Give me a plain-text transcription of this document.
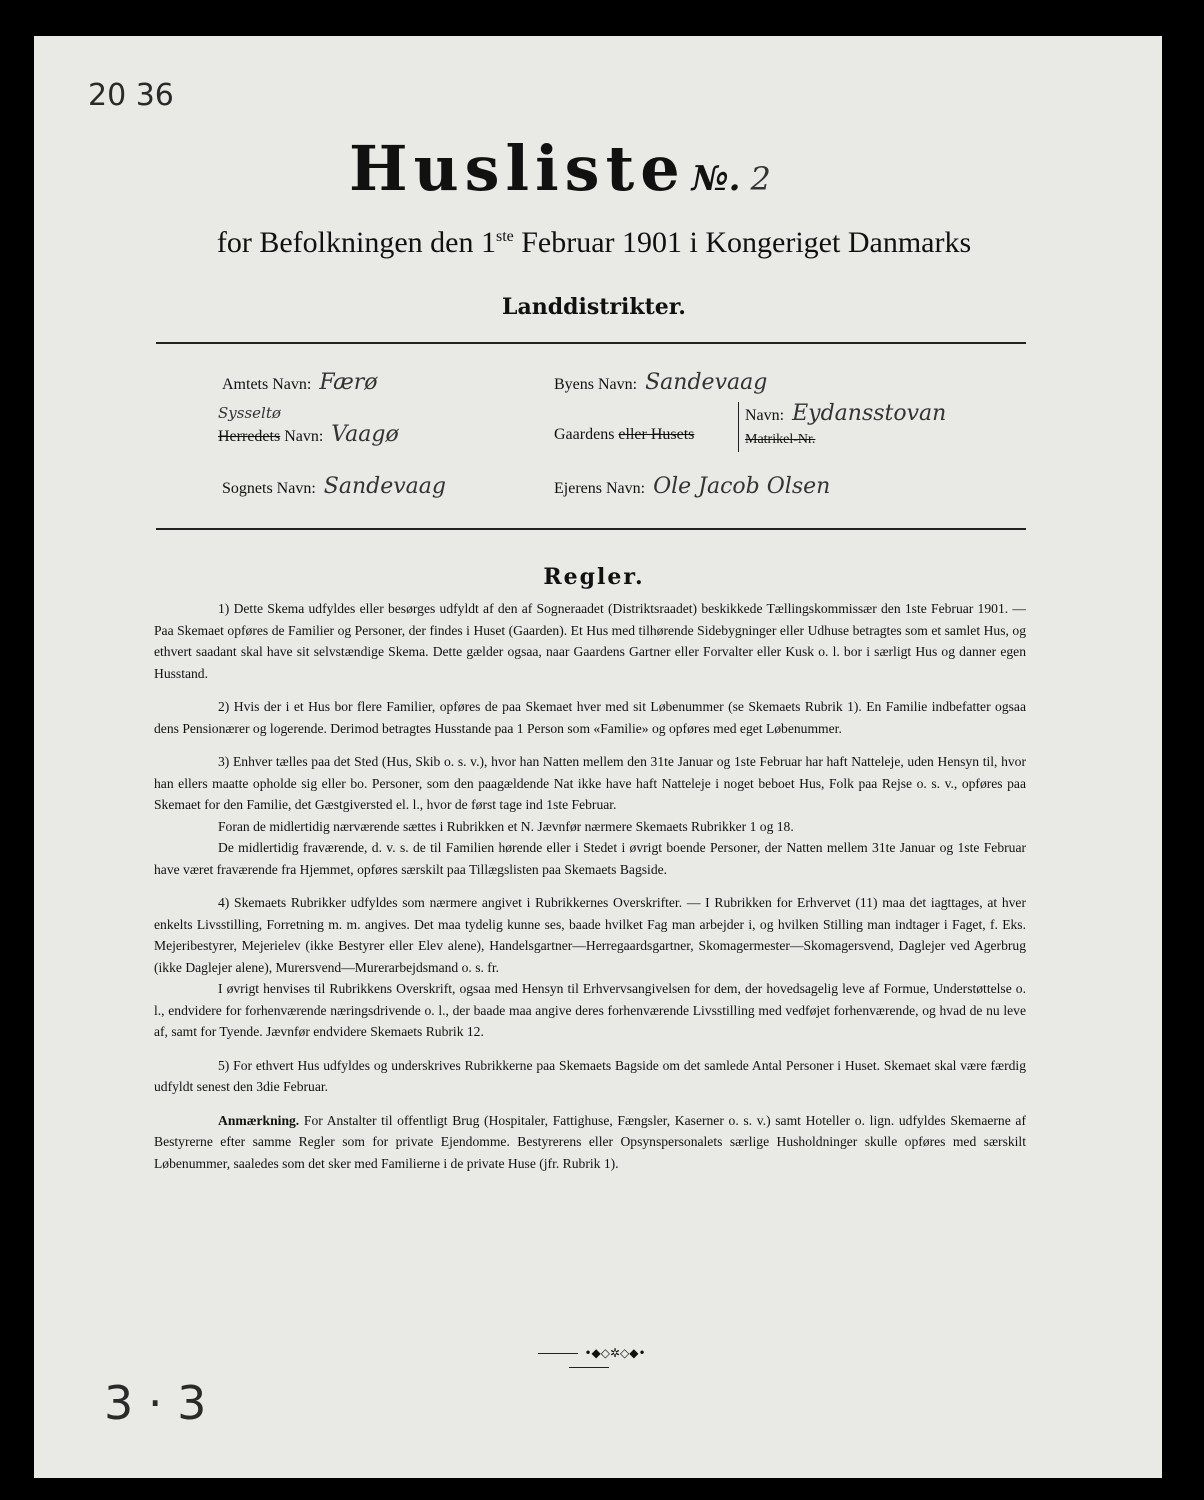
20 36
Husliste №. 2
for Befolkningen den 1ste Februar 1901 i Kongeriget Danmarks
Landdistrikter.
Amtets Navn: Færø
Sysseltø
Herredets Navn: Vaagø
Sognets Navn: Sandevaag
Byens Navn: Sandevaag
Gaardens eller Husets
Navn: Eydansstovan
Matrikel-Nr.
Ejerens Navn: Ole Jacob Olsen
Regler.

1) Dette Skema udfyldes eller besørges udfyldt af den af Sogneraadet (Distriktsraadet) beskikkede Tællingskommissær den 1ste Februar 1901. — Paa Skemaet opføres de Familier og Personer, der findes i Huset (Gaarden). Et Hus med tilhørende Sidebygninger eller Udhuse betragtes som et samlet Hus, og ethvert saadant skal have sit selvstændige Skema. Dette gælder ogsaa, naar Gaardens Gartner eller Forvalter eller Kusk o. l. bor i særligt Hus og danner egen Husstand.

2) Hvis der i et Hus bor flere Familier, opføres de paa Skemaet hver med sit Løbenummer (se Skemaets Rubrik 1). En Familie indbefatter ogsaa dens Pensionærer og logerende. Derimod betragtes Husstande paa 1 Person som «Familie» og opføres med eget Løbenummer.

3) Enhver tælles paa det Sted (Hus, Skib o. s. v.), hvor han Natten mellem den 31te Januar og 1ste Februar har haft Natteleje, uden Hensyn til, hvor han ellers maatte opholde sig eller bo. Personer, som den paagældende Nat ikke have haft Natteleje i noget beboet Hus, Folk paa Rejse o. s. v., opføres paa Skemaet for den Familie, det Gæstgiversted el. l., hvor de først tage ind 1ste Februar.

Foran de midlertidig nærværende sættes i Rubrikken et N. Jævnfør nærmere Skemaets Rubrikker 1 og 18.

De midlertidig fraværende, d. v. s. de til Familien hørende eller i Stedet i øvrigt boende Personer, der Natten mellem 31te Januar og 1ste Februar have været fraværende fra Hjemmet, opføres særskilt paa Tillægslisten paa Skemaets Bagside.

4) Skemaets Rubrikker udfyldes som nærmere angivet i Rubrikkernes Overskrifter. — I Rubrikken for Erhvervet (11) maa det iagttages, at hver enkelts Livsstilling, Forretning m. m. angives. Det maa tydelig kunne ses, baade hvilket Fag man arbejder i, og hvilken Stilling man indtager i Faget, f. Eks. Mejeribestyrer, Mejerielev (ikke Bestyrer eller Elev alene), Handelsgartner—Herregaardsgartner, Skomagermester—Skomagersvend, Daglejer ved Agerbrug (ikke Daglejer alene), Murersvend—Murerarbejdsmand o. s. fr.

I øvrigt henvises til Rubrikkens Overskrift, ogsaa med Hensyn til Erhvervsangivelsen for dem, der hovedsagelig leve af Formue, Understøttelse o. l., endvidere for forhenværende næringsdrivende o. l., der baade maa angive deres forhenværende Livsstilling med vedføjet forhenværende, og hvad de nu leve af, samt for Tyende. Jævnfør endvidere Skemaets Rubrik 12.

5) For ethvert Hus udfyldes og underskrives Rubrikkerne paa Skemaets Bagside om det samlede Antal Personer i Huset. Skemaet skal være færdig udfyldt senest den 3die Februar.

Anmærkning. For Anstalter til offentligt Brug (Hospitaler, Fattighuse, Fængsler, Kaserner o. s. v.) samt Hoteller o. lign. udfyldes Skemaerne af Bestyrerne efter samme Regler som for private Ejendomme. Bestyrerens eller Opsynspersonalets særlige Husholdninger skulle opføres med særskilt Løbenummer, saaledes som det sker med Familierne i de private Huse (jfr. Rubrik 1).

•◆◇✲◇◆•
3 · 3
